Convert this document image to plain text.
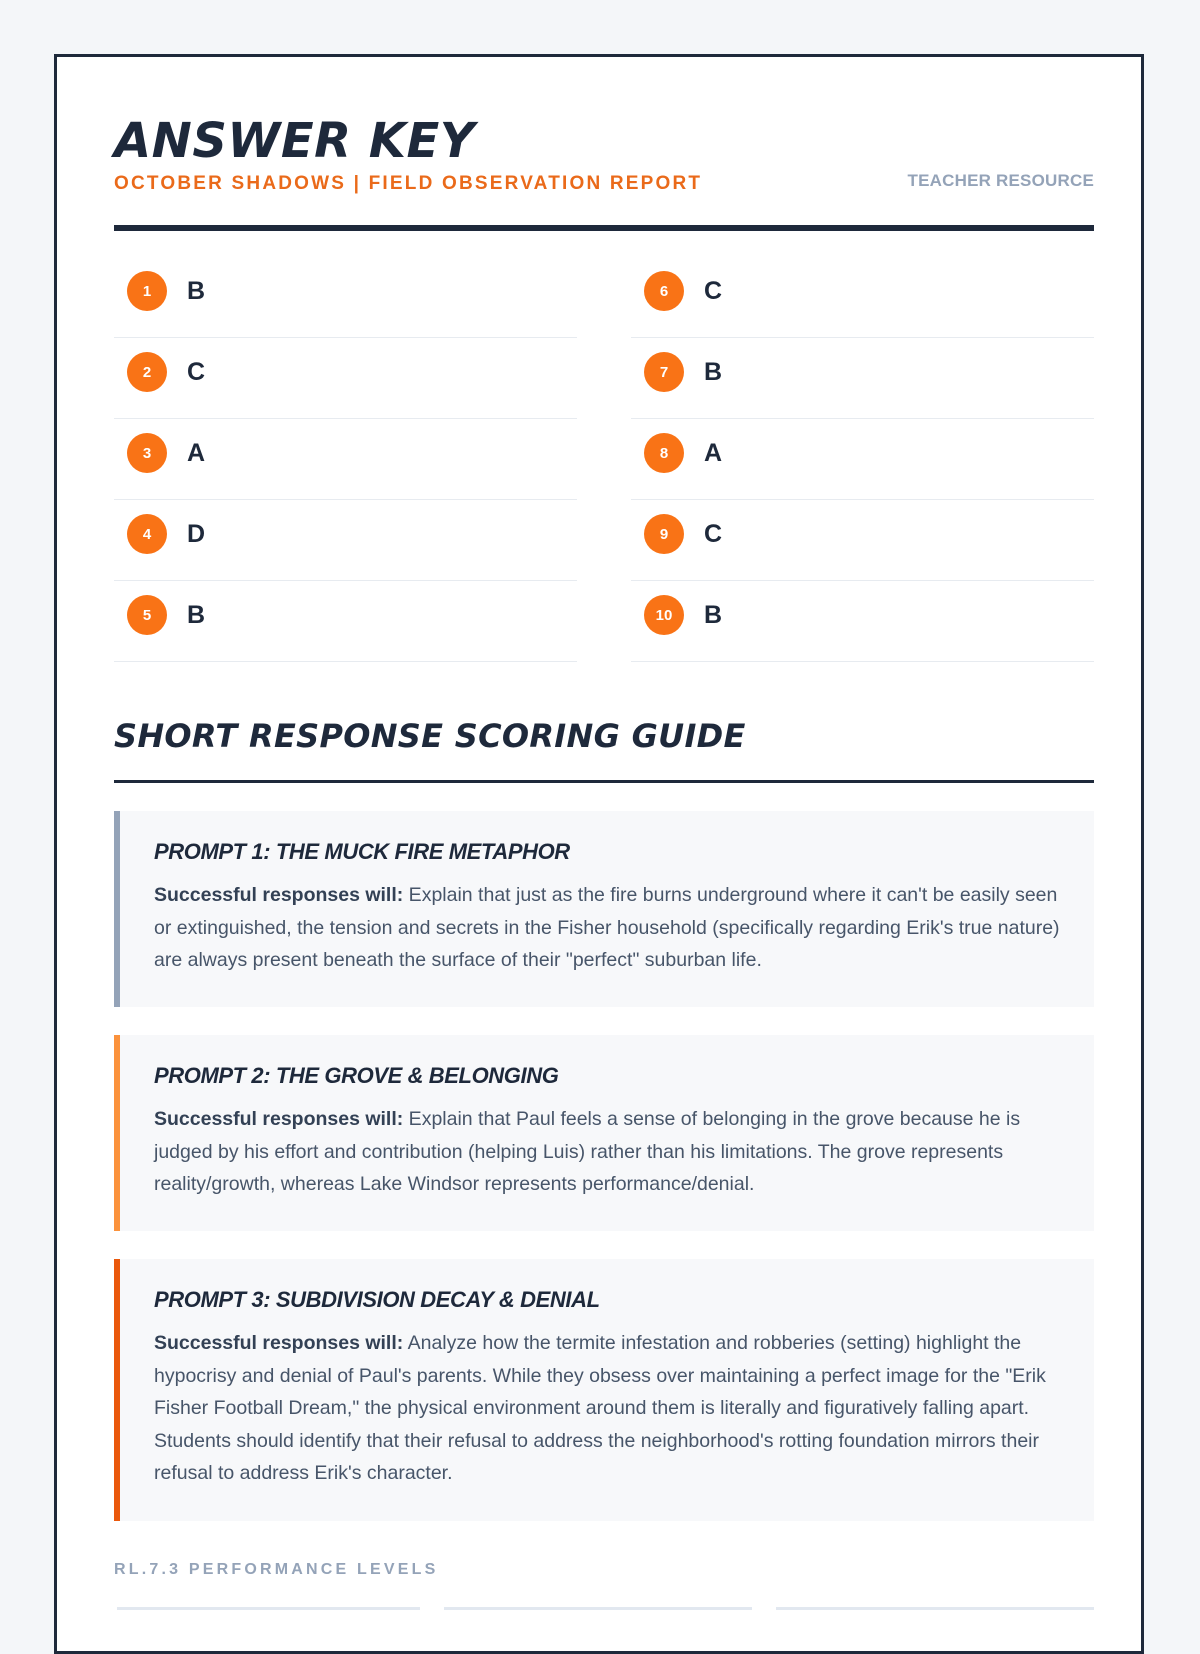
ANSWER KEY
OCTOBER SHADOWS | FIELD OBSERVATION REPORT	TEACHER RESOURCE
1	B
2	C
3	A
4	D
5	B
6	C
7	B
8	A
9	C
10	B
SHORT RESPONSE SCORING GUIDE
PROMPT 1: THE MUCK FIRE METAPHOR

Successful responses will: Explain that just as the fire burns underground where it can't be easily seen or extinguished, the tension and secrets in the Fisher household (specifically regarding Erik's true nature) are always present beneath the surface of their "perfect" suburban life.

PROMPT 2: THE GROVE & BELONGING

Successful responses will: Explain that Paul feels a sense of belonging in the grove because he is judged by his effort and contribution (helping Luis) rather than his limitations. The grove represents reality/growth, whereas Lake Windsor represents performance/denial.

PROMPT 3: SUBDIVISION DECAY & DENIAL

Successful responses will: Analyze how the termite infestation and robberies (setting) highlight the hypocrisy and denial of Paul's parents. While they obsess over maintaining a perfect image for the "Erik Fisher Football Dream," the physical environment around them is literally and figuratively falling apart. Students should identify that their refusal to address the neighborhood's rotting foundation mirrors their refusal to address Erik's character.

RL.7.3 PERFORMANCE LEVELS
